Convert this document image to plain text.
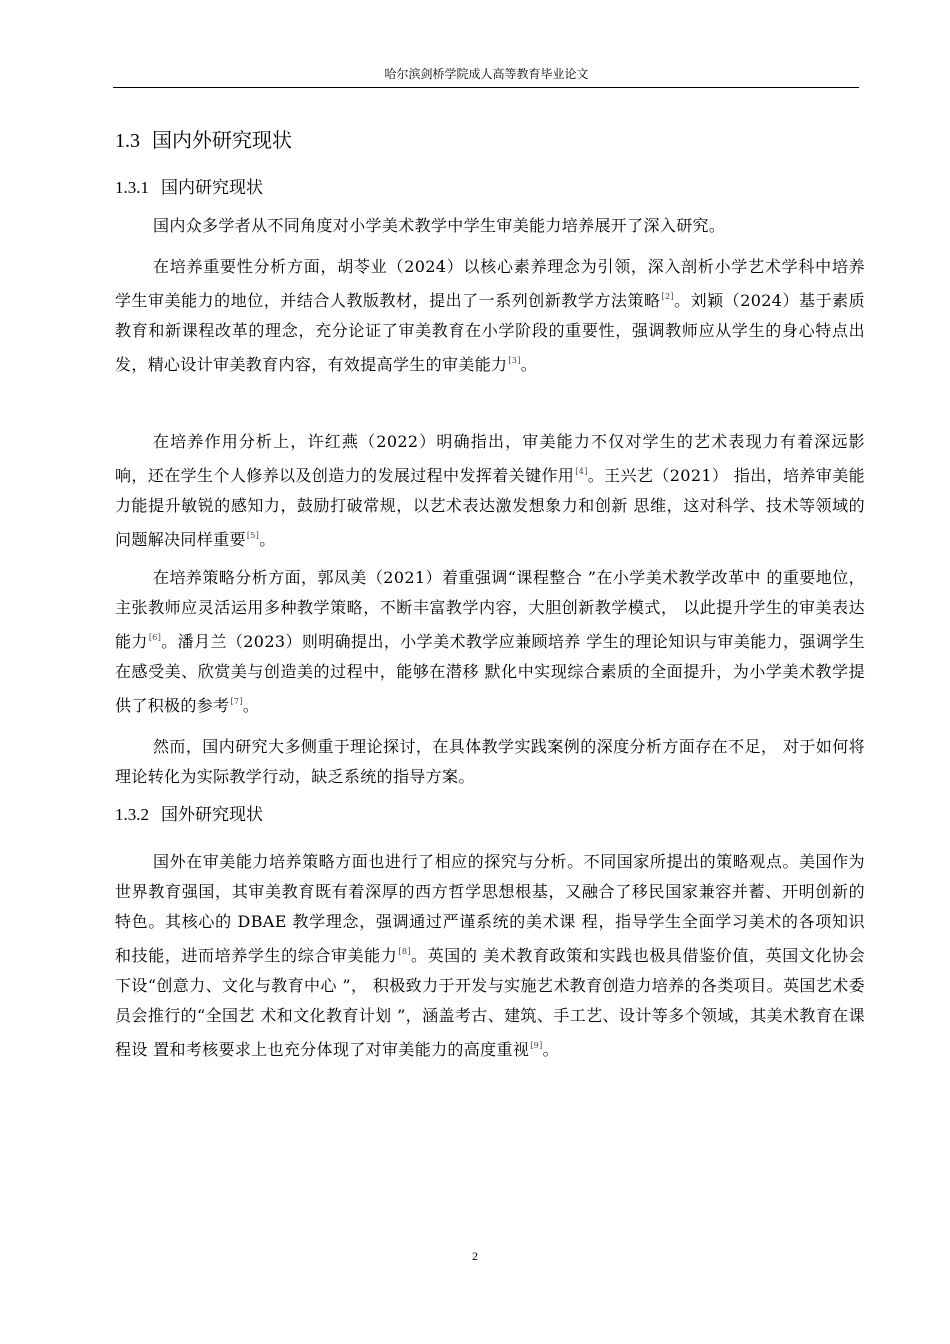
哈尔滨剑桥学院成人高等教育毕业论文
1.3 国内外研究现状
1.3.1 国内研究现状

国内众多学者从不同角度对小学美术教学中学生审美能力培养展开了深入研究。

在培养重要性分析方面，胡苓业（2024）以核心素养理念为引领，深入剖析小学艺术学科中培养学生审美能力的地位，并结合人教版教材，提出了一系列创新教学方法策略[2]。刘颖（2024）基于素质教育和新课程改革的理念，充分论证了审美教育在小学阶段的重要性，强调教师应从学生的身心特点出发，精心设计审美教育内容，有效提高学生的审美能力[3]。

在培养作用分析上，许红燕（2022）明确指出，审美能力不仅对学生的艺术表现力有着深远影响，还在学生个人修养以及创造力的发展过程中发挥着关键作用[4]。王兴艺（2021） 指出，培养审美能力能提升敏锐的感知力，鼓励打破常规，以艺术表达激发想象力和创新 思维，这对科学、技术等领域的问题解决同样重要[5]。

在培养策略分析方面，郭凤美（2021）着重强调“课程整合 ”在小学美术教学改革中 的重要地位，主张教师应灵活运用多种教学策略，不断丰富教学内容，大胆创新教学模式， 以此提升学生的审美表达能力[6]。潘月兰（2023）则明确提出，小学美术教学应兼顾培养 学生的理论知识与审美能力，强调学生在感受美、欣赏美与创造美的过程中，能够在潜移 默化中实现综合素质的全面提升，为小学美术教学提供了积极的参考[7]。

然而，国内研究大多侧重于理论探讨，在具体教学实践案例的深度分析方面存在不足， 对于如何将理论转化为实际教学行动，缺乏系统的指导方案。

1.3.2 国外研究现状

国外在审美能力培养策略方面也进行了相应的探究与分析。不同国家所提出的策略观点。美国作为世界教育强国，其审美教育既有着深厚的西方哲学思想根基，又融合了移民国家兼容并蓄、开明创新的特色。其核心的 DBAE 教学理念，强调通过严谨系统的美术课 程，指导学生全面学习美术的各项知识和技能，进而培养学生的综合审美能力[8]。英国的 美术教育政策和实践也极具借鉴价值，英国文化协会下设“创意力、文化与教育中心 ”， 积极致力于开发与实施艺术教育创造力培养的各类项目。英国艺术委员会推行的“全国艺 术和文化教育计划 ”，涵盖考古、建筑、手工艺、设计等多个领域，其美术教育在课程设 置和考核要求上也充分体现了对审美能力的高度重视[9]。

2
